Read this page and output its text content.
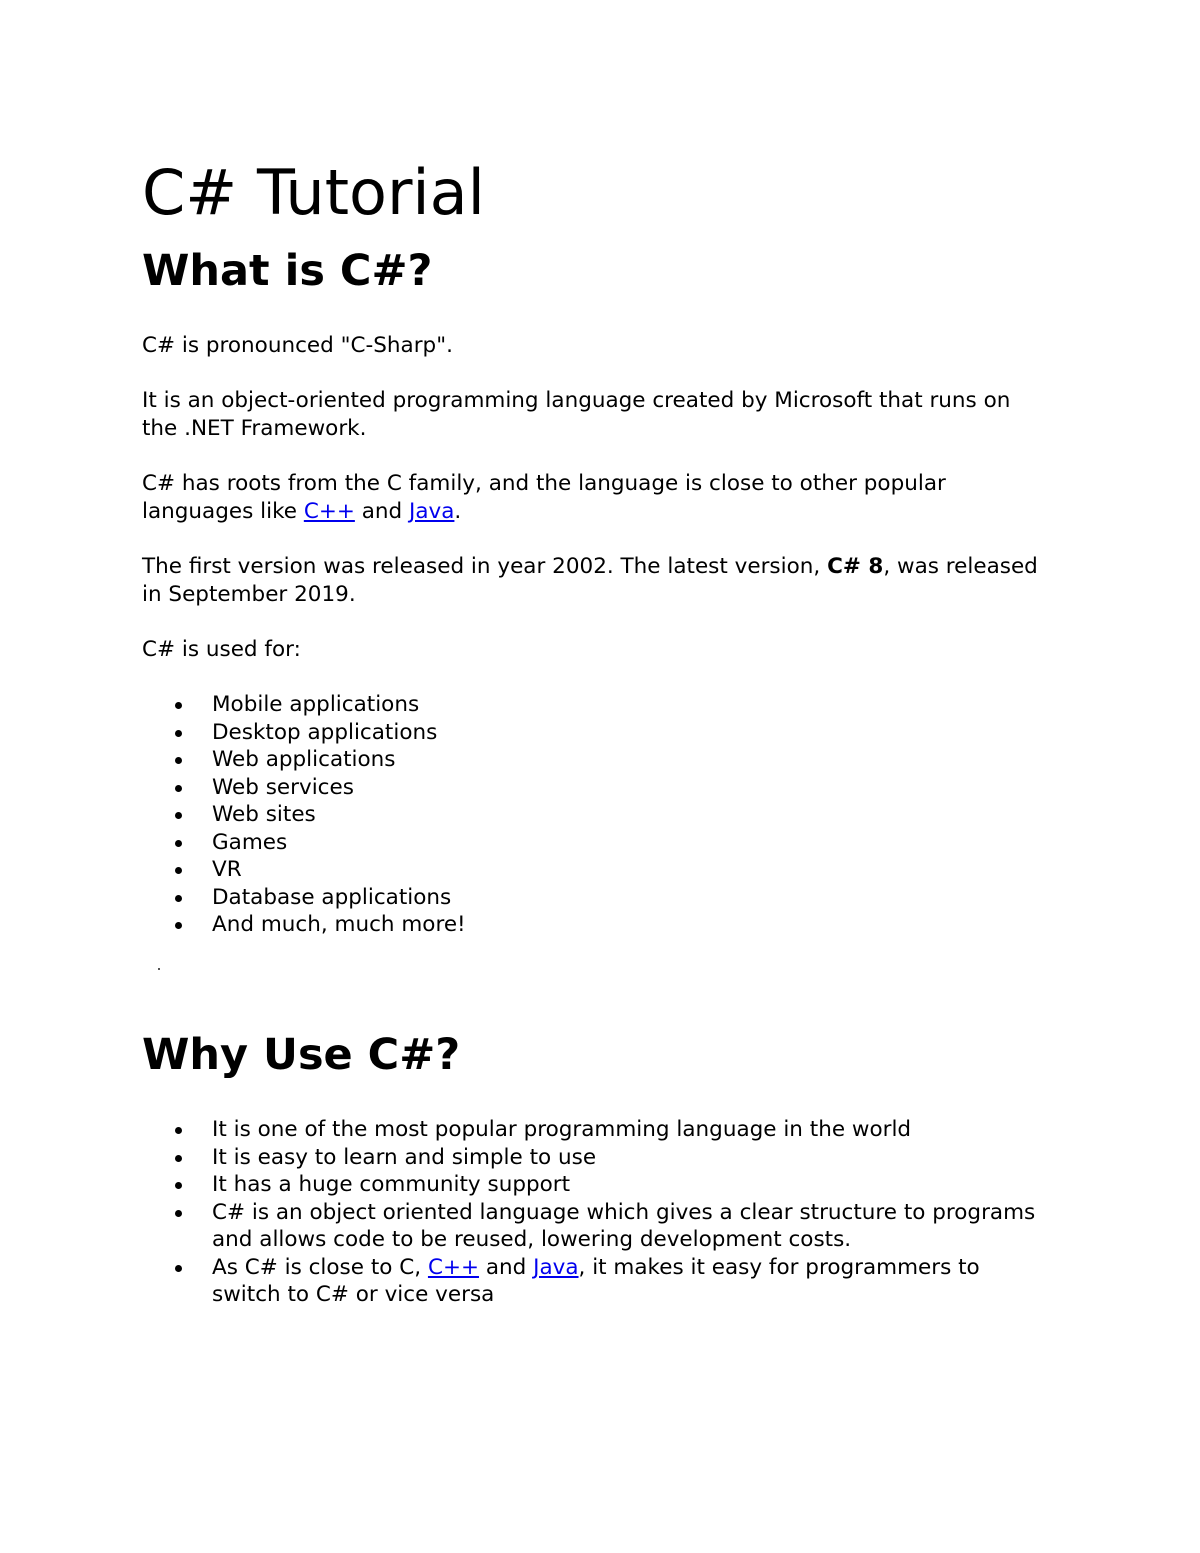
C# Tutorial
What is C#?

C# is pronounced "C-Sharp".

It is an object-oriented programming language created by Microsoft that runs on the .NET Framework.

C# has roots from the C family, and the language is close to other popular languages like C++ and Java.

The first version was released in year 2002. The latest version, C# 8, was released in September 2019.

C# is used for:

Mobile applications
Desktop applications
Web applications
Web services
Web sites
Games
VR
Database applications
And much, much more!
Why Use C#?
It is one of the most popular programming language in the world
It is easy to learn and simple to use
It has a huge community support
C# is an object oriented language which gives a clear structure to programs and allows code to be reused, lowering development costs.
As C# is close to C, C++ and Java, it makes it easy for programmers to switch to C# or vice versa
